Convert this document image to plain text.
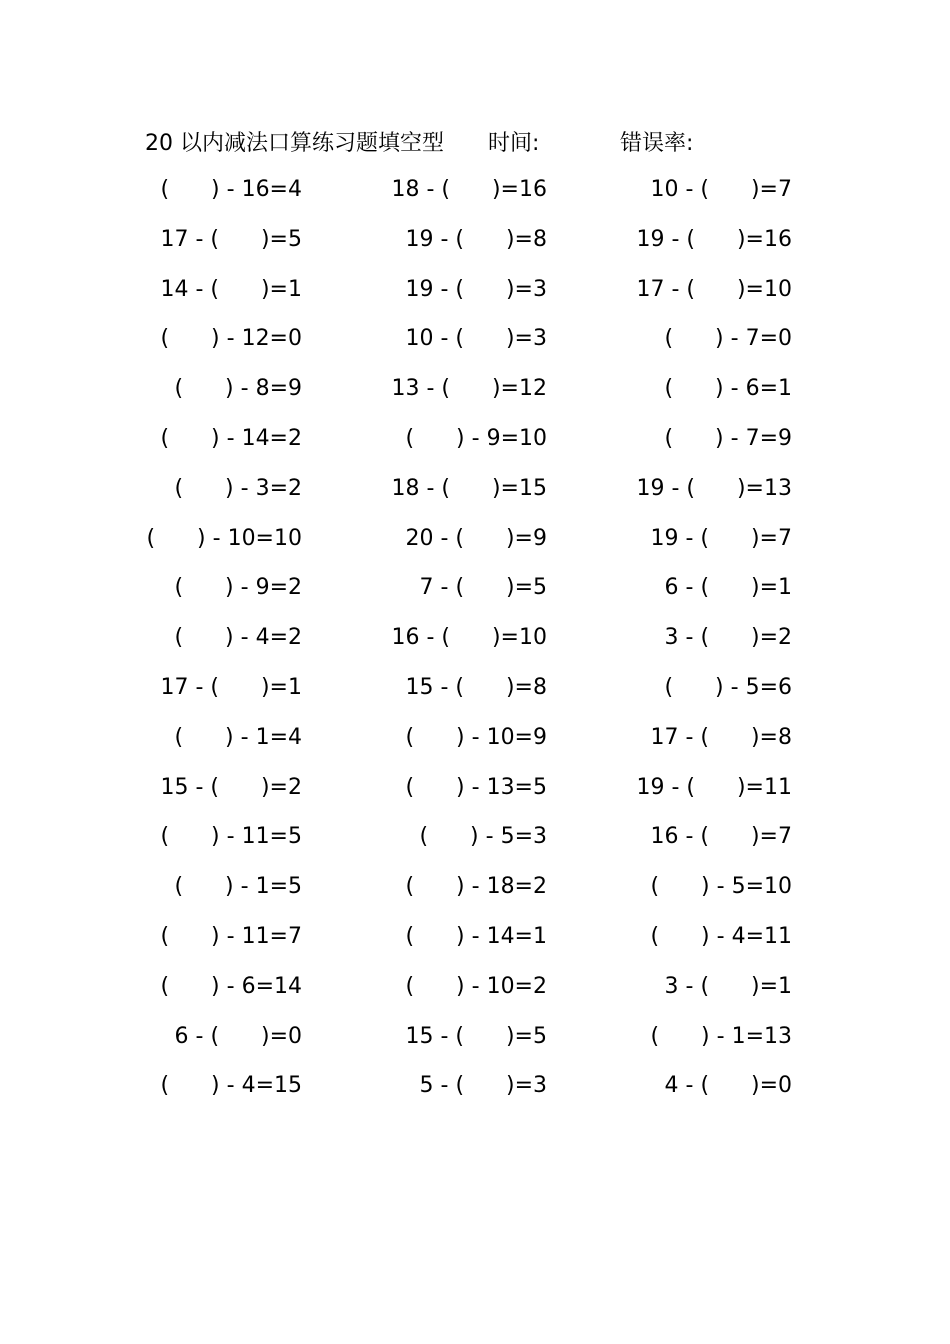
20 以内减法口算练习题填空型 时间:	错误率:
(      ) - 16=4	18 - (      )=16	10 - (      )=7
17 - (      )=5	19 - (      )=8	19 - (      )=16
14 - (      )=1	19 - (      )=3	17 - (      )=10
(      ) - 12=0	10 - (      )=3	(      ) - 7=0
(      ) - 8=9	13 - (      )=12	(      ) - 6=1
(      ) - 14=2	(      ) - 9=10	(      ) - 7=9
(      ) - 3=2	18 - (      )=15	19 - (      )=13
(      ) - 10=10	20 - (      )=9	19 - (      )=7
(      ) - 9=2	7 - (      )=5	6 - (      )=1
(      ) - 4=2	16 - (      )=10	3 - (      )=2
17 - (      )=1	15 - (      )=8	(      ) - 5=6
(      ) - 1=4	(      ) - 10=9	17 - (      )=8
15 - (      )=2	(      ) - 13=5	19 - (      )=11
(      ) - 11=5	(      ) - 5=3	16 - (      )=7
(      ) - 1=5	(      ) - 18=2	(      ) - 5=10
(      ) - 11=7	(      ) - 14=1	(      ) - 4=11
(      ) - 6=14	(      ) - 10=2	3 - (      )=1
6 - (      )=0	15 - (      )=5	(      ) - 1=13
(      ) - 4=15	5 - (      )=3	4 - (      )=0
